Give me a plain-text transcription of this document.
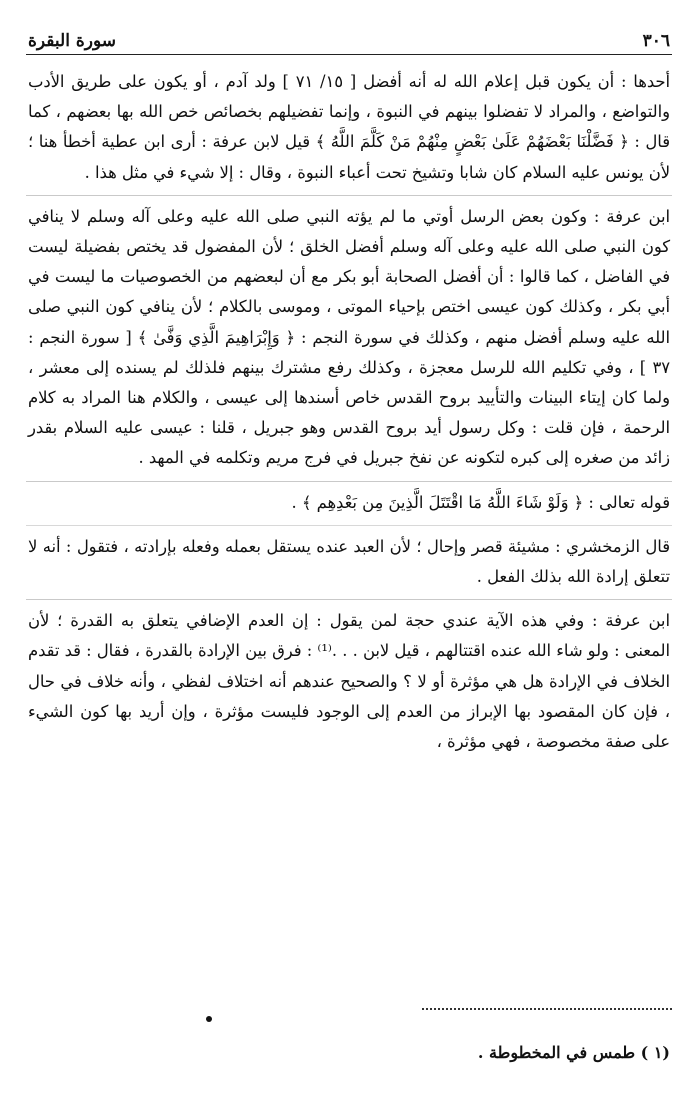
٣٠٦
سورة البقرة

أحدها : أن يكون قبل إعلام الله له أنه أفضل [ ١٥/ ٧١ ] ولد آدم ، أو يكون على طريق الأدب والتواضع ، والمراد لا تفضلوا بينهم في النبوة ، وإنما تفضيلهم بخصائص خص الله بها بعضهم ، كما قال : ﴿ فَضَّلْنَا بَعْضَهُمْ عَلَىٰ بَعْضٍ مِنْهُمْ مَنْ كَلَّمَ اللَّهُ ﴾ قيل لابن عرفة : أرى ابن عطية أخطأ هنا ؛ لأن يونس عليه السلام كان شابا وتشيخ تحت أعباء النبوة ، وقال : إلا شيء في مثل هذا .

ابن عرفة : وكون بعض الرسل أوتي ما لم يؤته النبي صلى الله عليه وعلى آله وسلم لا ينافي كون النبي صلى الله عليه وعلى آله وسلم أفضل الخلق ؛ لأن المفضول قد يختص بفضيلة ليست في الفاضل ، كما قالوا : أن أفضل الصحابة أبو بكر مع أن لبعضهم من الخصوصيات ما ليست في أبي بكر ، وكذلك كون عيسى اختص بإحياء الموتى ، وموسى بالكلام ؛ لأن ينافي كون النبي صلى الله عليه وسلم أفضل منهم ، وكذلك في سورة النجم : ﴿ وَإِبْرَاهِيمَ الَّذِي وَفَّىٰ ﴾ [ سورة النجم : ٣٧ ] ، وفي تكليم الله للرسل معجزة ، وكذلك رفع مشترك بينهم فلذلك لم يسنده إلى معشر ، ولما كان إيتاء البينات والتأييد بروح القدس خاص أسندها إلى عيسى ، والكلام هنا المراد به كلام الرحمة ، فإن قلت : وكل رسول أيد بروح القدس وهو جبريل ، قلنا : عيسى عليه السلام بقدر زائد من صغره إلى كبره لتكونه عن نفخ جبريل في فرج مريم وتكلمه في المهد .

قوله تعالى : ﴿ وَلَوْ شَاءَ اللَّهُ مَا اقْتَتَلَ الَّذِينَ مِن بَعْدِهِم ﴾ .

قال الزمخشري : مشيئة قصر وإحال ؛ لأن العبد عنده يستقل بعمله وفعله بإرادته ، فتقول : أنه لا تتعلق إرادة الله بذلك الفعل .

ابن عرفة : وفي هذه الآية عندي حجة لمن يقول : إن العدم الإضافي يتعلق به القدرة ؛ لأن المعنى : ولو شاء الله عنده اقتتالهم ، قيل لابن . . .⁽¹⁾ : فرق بين الإرادة بالقدرة ، فقال : قد تقدم الخلاف في الإرادة هل هي مؤثرة أو لا ؟ والصحيح عندهم أنه اختلاف لفظي ، وأنه خلاف في حال ، فإن كان المقصود بها الإبراز من العدم إلى الوجود فليست مؤثرة ، وإن أريد بها كون الشيء على صفة مخصوصة ، فهي مؤثرة ،

(١ ) طمس في المخطوطة .
